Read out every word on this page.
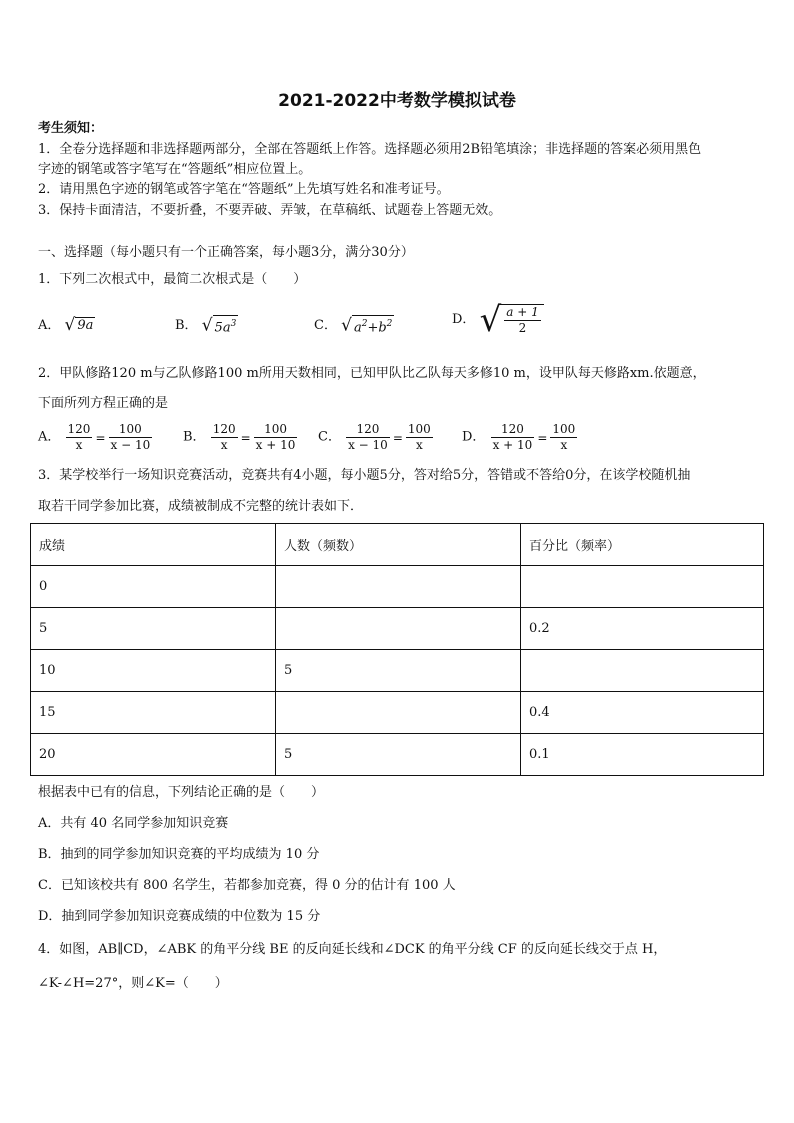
2021-2022中考数学模拟试卷
考生须知：
1．全卷分选择题和非选择题两部分，全部在答题纸上作答。选择题必须用2B铅笔填涂；非选择题的答案必须用黑色
字迹的钢笔或答字笔写在“答题纸”相应位置上。
2．请用黑色字迹的钢笔或答字笔在“答题纸”上先填写姓名和准考证号。
3．保持卡面清洁，不要折叠，不要弄破、弄皱，在草稿纸、试题卷上答题无效。
一、选择题（每小题只有一个正确答案，每小题3分，满分30分）
1．下列二次根式中，最简二次根式是（　　）
A． √ 9a	B． √ $5a^3$	C． √ $a^2+b^2$	D． √ $\frac{a + 1}{2}$
2．甲队修路120 m与乙队修路100 m所用天数相同，已知甲队比乙队每天多修10 m，设甲队每天修路xm.依题意，
下面所列方程正确的是
A． $\frac{120}{x} = \frac{100}{x - 10}$ B． $\frac{120}{x} = \frac{100}{x + 10}$ C． $\frac{120}{x - 10} = \frac{100}{x}$ D． $\frac{120}{x + 10} = \frac{100}{x}$
3．某学校举行一场知识竞赛活动，竞赛共有4小题，每小题5分，答对给5分，答错或不答给0分，在该学校随机抽
取若干同学参加比赛，成绩被制成不完整的统计表如下．
成绩	人数（频数）	百分比（频率）
0		
5		0.2
10	5	
15		0.4
20	5	0.1
根据表中已有的信息，下列结论正确的是（　　）
A．共有 40 名同学参加知识竞赛
B．抽到的同学参加知识竞赛的平均成绩为 10 分
C．已知该校共有 800 名学生，若都参加竞赛，得 0 分的估计有 100 人
D．抽到同学参加知识竞赛成绩的中位数为 15 分
4．如图，AB∥CD，∠ABK 的角平分线 BE 的反向延长线和∠DCK 的角平分线 CF 的反向延长线交于点 H，
∠K-∠H=27°，则∠K=（　　）
